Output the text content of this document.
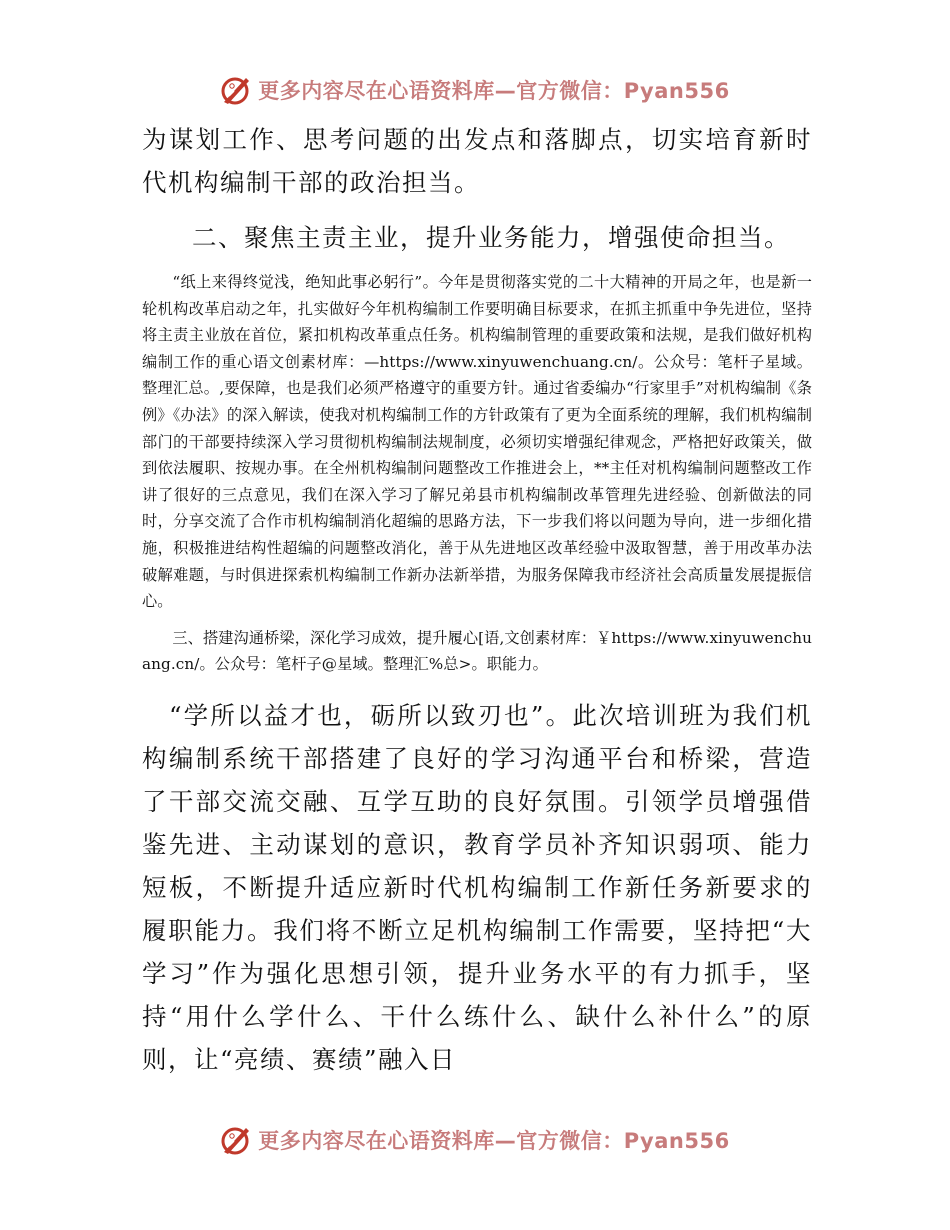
更多内容尽在心语资料库—官方微信：Pyan556

为谋划工作、思考问题的出发点和落脚点，切实培育新时代机构编制干部的政治担当。

二、聚焦主责主业，提升业务能力，增强使命担当。

“纸上来得终觉浅，绝知此事必躬行”。今年是贯彻落实党的二十大精神的开局之年，也是新一轮机构改革启动之年，扎实做好今年机构编制工作要明确目标要求，在抓主抓重中争先进位，坚持将主责主业放在首位，紧扣机构改革重点任务。机构编制管理的重要政策和法规，是我们做好机构编制工作的重心语文创素材库：—https://www.xinyuwenchuang.cn/。公众号：笔杆子星域。整理汇总。,要保障，也是我们必须严格遵守的重要方针。通过省委编办“行家里手”对机构编制《条例》《办法》的深入解读，使我对机构编制工作的方针政策有了更为全面系统的理解，我们机构编制部门的干部要持续深入学习贯彻机构编制法规制度，必须切实增强纪律观念，严格把好政策关，做到依法履职、按规办事。在全州机构编制问题整改工作推进会上，**主任对机构编制问题整改工作讲了很好的三点意见，我们在深入学习了解兄弟县市机构编制改革管理先进经验、创新做法的同时，分享交流了合作市机构编制消化超编的思路方法，下一步我们将以问题为导向，进一步细化措施，积极推进结构性超编的问题整改消化，善于从先进地区改革经验中汲取智慧，善于用改革办法破解难题，与时俱进探索机构编制工作新办法新举措，为服务保障我市经济社会高质量发展提振信心。

三、搭建沟通桥梁，深化学习成效，提升履心[语,文创素材库：￥https://www.xinyuwenchuang.cn/。公众号：笔杆子@星域。整理汇%总>。职能力。

“学所以益才也，砺所以致刃也”。此次培训班为我们机构编制系统干部搭建了良好的学习沟通平台和桥梁，营造了干部交流交融、互学互助的良好氛围。引领学员增强借鉴先进、主动谋划的意识，教育学员补齐知识弱项、能力短板，不断提升适应新时代机构编制工作新任务新要求的履职能力。我们将不断立足机构编制工作需要，坚持把“大学习”作为强化思想引领，提升业务水平的有力抓手，坚持“用什么学什么、干什么练什么、缺什么补什么”的原则，让“亮绩、赛绩”融入日

更多内容尽在心语资料库—官方微信：Pyan556
